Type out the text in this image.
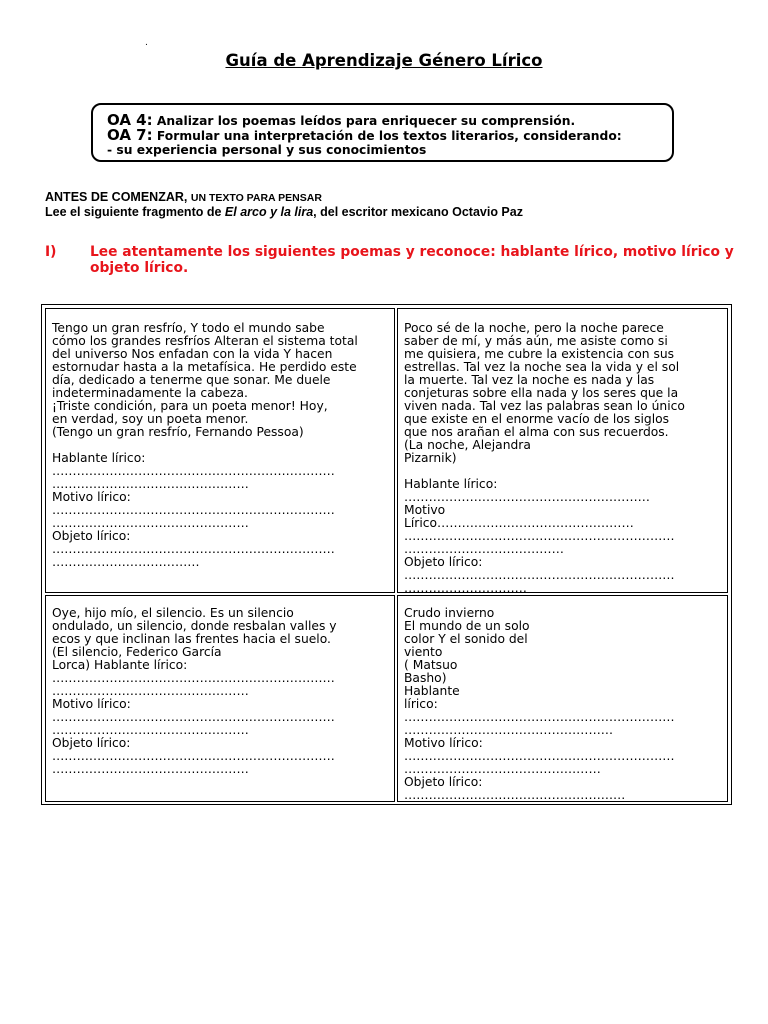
.
Guía de Aprendizaje Género Lírico
OA 4: Analizar los poemas leídos para enriquecer su comprensión.
OA 7: Formular una interpretación de los textos literarios, considerando:
- su experiencia personal y sus conocimientos
ANTES DE COMENZAR, UN TEXTO PARA PENSAR
Lee el siguiente fragmento de El arco y la lira, del escritor mexicano Octavio Paz
I) Lee atentamente los siguientes poemas y reconoce: hablante lírico, motivo lírico y objeto lírico.
Tengo un gran resfrío, Y todo el mundo sabe
cómo los grandes resfríos Alteran el sistema total
del universo Nos enfadan con la vida Y hacen
estornudar hasta a la metafísica. He perdido este
día, dedicado a tenerme que sonar. Me duele
indeterminadamente la cabeza.
¡Triste condición, para un poeta menor! Hoy,
en verdad, soy un poeta menor.
(Tengo un gran resfrío, Fernando Pessoa)
Hablante lírico:
……………………………………………………………
…………………………………………
Motivo lírico:
……………………………………………………………
…………………………………………
Objeto lírico:
……………………………………………………………
………………………………
Poco sé de la noche, pero la noche parece
saber de mí, y más aún, me asiste como si
me quisiera, me cubre la existencia con sus
estrellas. Tal vez la noche sea la vida y el sol
la muerte. Tal vez la noche es nada y las
conjeturas sobre ella nada y los seres que la
viven nada. Tal vez las palabras sean lo único
que existe en el enorme vacío de los siglos
que nos arañan el alma con sus recuerdos.
(La noche, Alejandra
Pizarnik)
Hablante lírico:
……………………………………………………
Motivo
Lírico…………………………………………
…………………………………………………………
…………………………………
Objeto lírico:
…………………………………………………………
…………………………
Oye, hijo mío, el silencio. Es un silencio
ondulado, un silencio, donde resbalan valles y
ecos y que inclinan las frentes hacia el suelo.
(El silencio, Federico García
Lorca) Hablante lírico:
……………………………………………………………
…………………………………………
Motivo lírico:
……………………………………………………………
…………………………………………
Objeto lírico:
……………………………………………………………
…………………………………………
Crudo invierno
El mundo de un solo
color Y el sonido del
viento
( Matsuo
Basho)
Hablante
lírico:
…………………………………………………………
……………………………………………
Motivo lírico:
…………………………………………………………
…………………………………………
Objeto lírico:
………………………………………………
